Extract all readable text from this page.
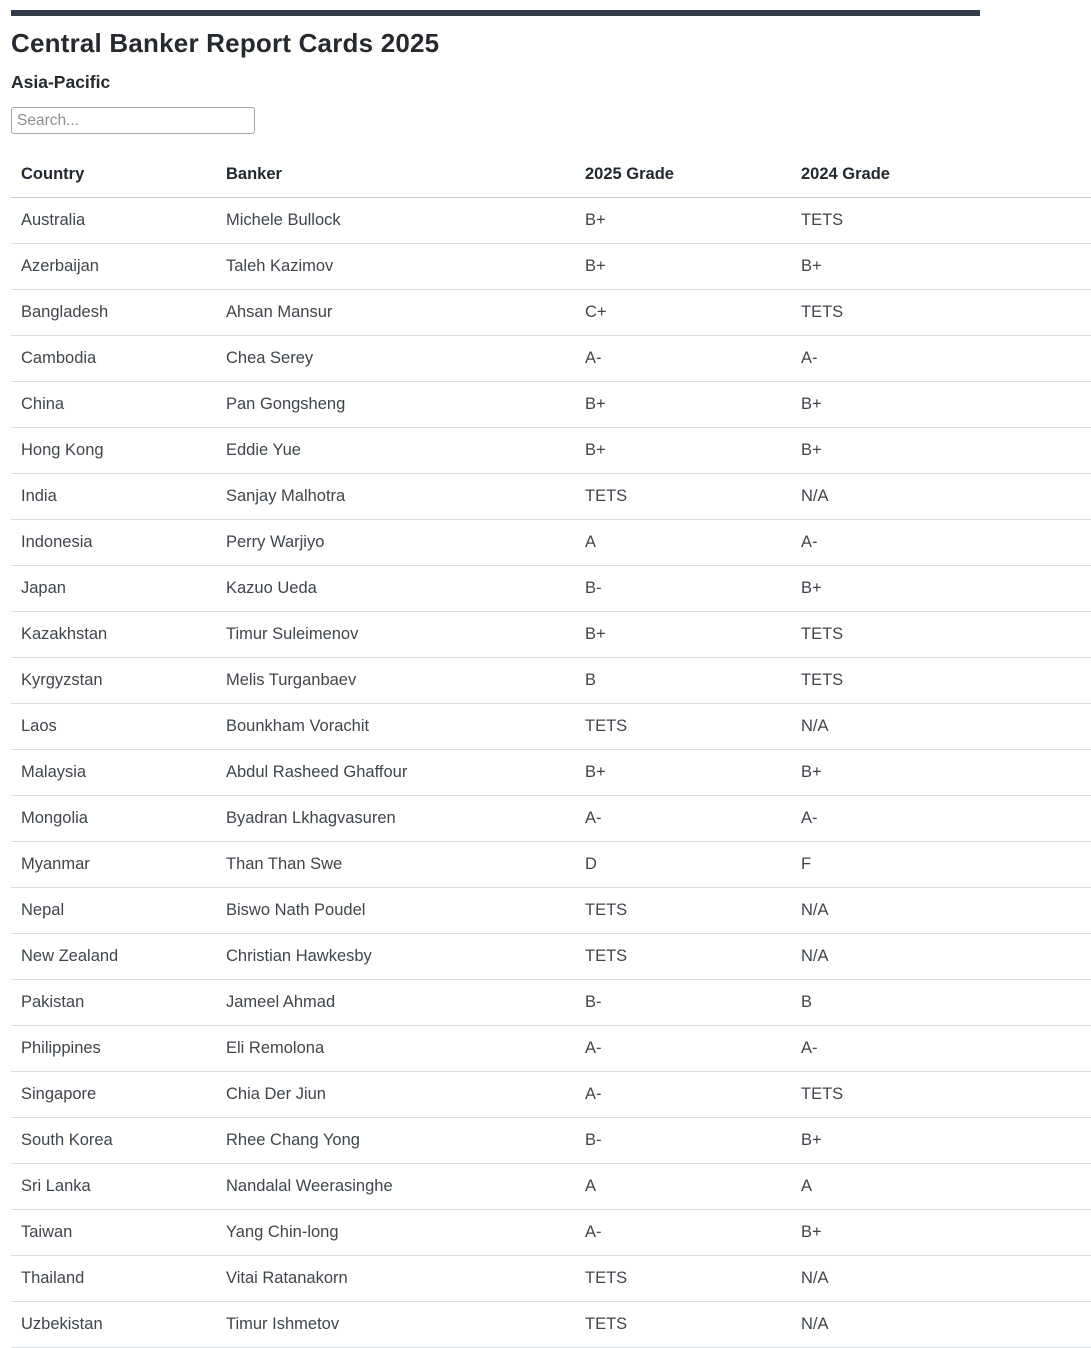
Central Banker Report Cards 2025
Asia-Pacific
Search...
Country	Banker	2025 Grade	2024 Grade
Australia	Michele Bullock	B+	TETS
Azerbaijan	Taleh Kazimov	B+	B+
Bangladesh	Ahsan Mansur	C+	TETS
Cambodia	Chea Serey	A-	A-
China	Pan Gongsheng	B+	B+
Hong Kong	Eddie Yue	B+	B+
India	Sanjay Malhotra	TETS	N/A
Indonesia	Perry Warjiyo	A	A-
Japan	Kazuo Ueda	B-	B+
Kazakhstan	Timur Suleimenov	B+	TETS
Kyrgyzstan	Melis Turganbaev	B	TETS
Laos	Bounkham Vorachit	TETS	N/A
Malaysia	Abdul Rasheed Ghaffour	B+	B+
Mongolia	Byadran Lkhagvasuren	A-	A-
Myanmar	Than Than Swe	D	F
Nepal	Biswo Nath Poudel	TETS	N/A
New Zealand	Christian Hawkesby	TETS	N/A
Pakistan	Jameel Ahmad	B-	B
Philippines	Eli Remolona	A-	A-
Singapore	Chia Der Jiun	A-	TETS
South Korea	Rhee Chang Yong	B-	B+
Sri Lanka	Nandalal Weerasinghe	A	A
Taiwan	Yang Chin-long	A-	B+
Thailand	Vitai Ratanakorn	TETS	N/A
Uzbekistan	Timur Ishmetov	TETS	N/A
